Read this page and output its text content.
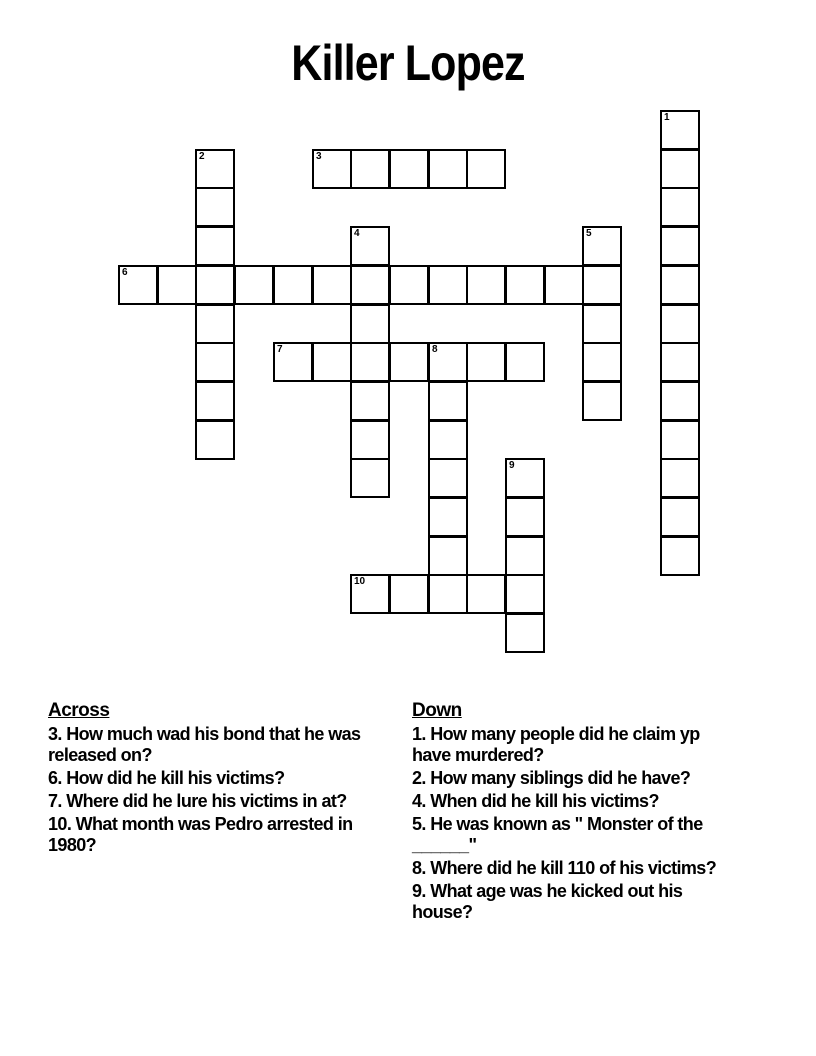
Killer Lopez
1
2	3
4	5
6
7	8
9
10
Across
3. How much wad his bond that he was released on?
6. How did he kill his victims?
7. Where did he lure his victims in at?
10. What month was Pedro arrested in 1980?
Down
1. How many people did he claim yp have murdered?
2. How many siblings did he have?
4. When did he kill his victims?
5. He was known as " Monster of the ______"
8. Where did he kill 110 of his victims?
9. What age was he kicked out his house?
